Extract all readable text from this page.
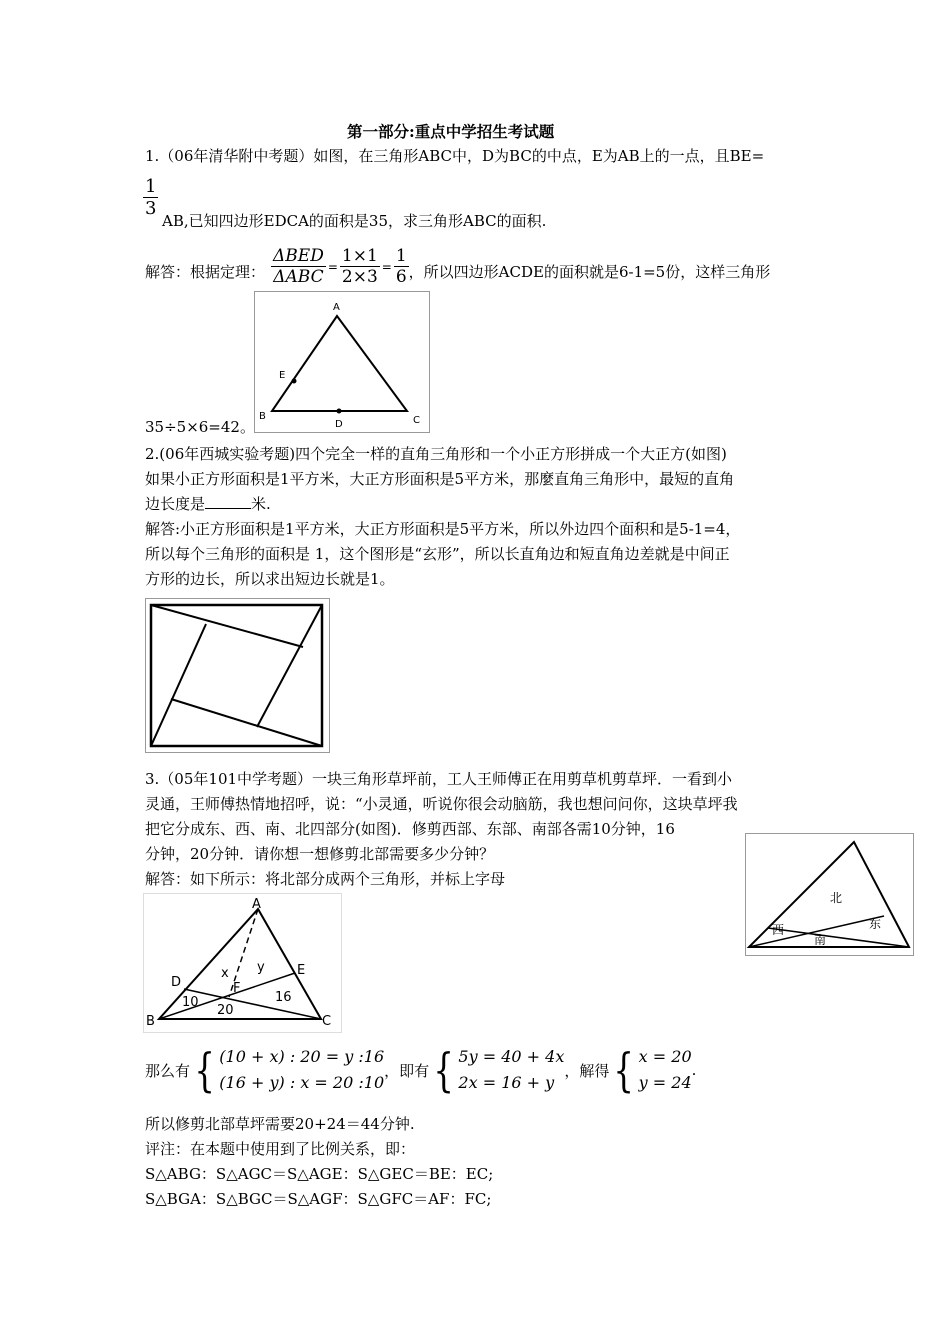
第一部分:重点中学招生考试题
1.（06年清华附中考题）如图，在三角形ABC中，D为BC的中点，E为AB上的一点，且BE=
$\frac{1}{3}$
AB,已知四边形EDCA的面积是35，求三角形ABC的面积.
解答：根据定理： $\frac{\text{ΔBED}}{\text{ΔABC}} = \frac{1\times 1}{2\times 3} = \frac{1}{6}$ ，所以四边形ACDE的面积就是6-1=5份，这样三角形
A
B	C
D
E
35÷5×6=42。
2.(06年西城实验考题)四个完全一样的直角三角形和一个小正方形拼成一个大正方(如图)
如果小正方形面积是1平方米，大正方形面积是5平方米，那麼直角三角形中，最短的直角
边长度是	米.
解答:小正方形面积是1平方米，大正方形面积是5平方米，所以外边四个面积和是5-1=4，
所以每个三角形的面积是 1，这个图形是“玄形”，所以长直角边和短直角边差就是中间正
方形的边长，所以求出短边长就是1。
3.（05年101中学考题）一块三角形草坪前，工人王师傅正在用剪草机剪草坪．一看到小
灵通，王师傅热情地招呼，说：“小灵通，听说你很会动脑筋，我也想问问你，这块草坪我
把它分成东、西、南、北四部分(如图)．修剪西部、东部、南部各需10分钟，16
分钟，20分钟．请你想一想修剪北部需要多少分钟？
解答：如下所示：将北部分成两个三角形，并标上字母
北
西
南
东
A
B	C
D
E
F
x y
10	16
20
那么有 { (10 + x) : 20 = y :16
(16 + y) : x = 20 :10
，即有 { 5y = 40 + 4x
2x = 16 + y
，解得 { x = 20
y = 24
.
所以修剪北部草坪需要20+24＝44分钟.
评注：在本题中使用到了比例关系，即：
S△ABG：S△AGC＝S△AGE：S△GEC＝BE：EC;
S△BGA：S△BGC＝S△AGF：S△GFC＝AF：FC;
